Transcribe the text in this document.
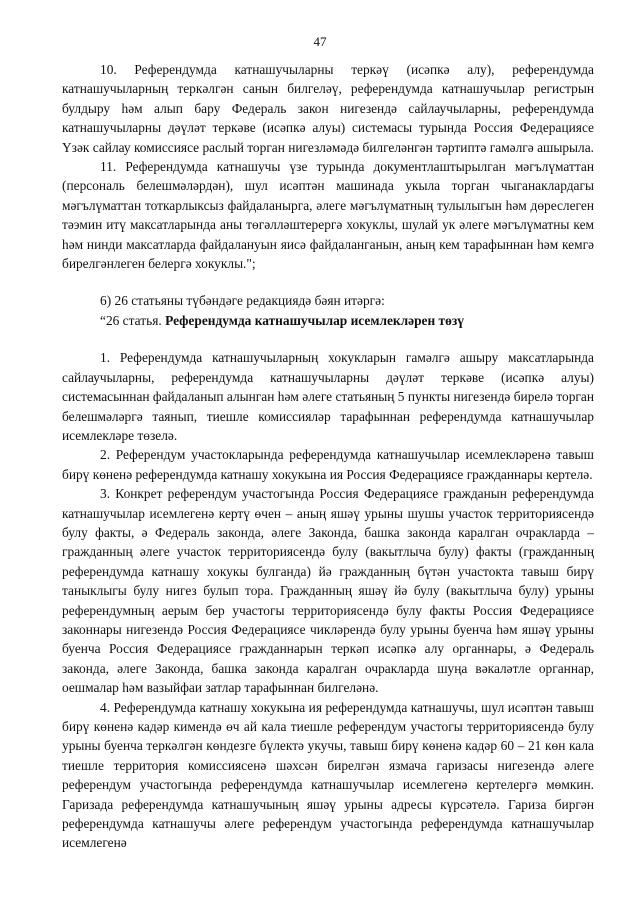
47

10. Референдумда катнашучыларны теркәү (исәпкә алу), референдумда катнашучыларның теркәлгән санын билгеләү, референдумда катнашучылар регистрын булдыру һәм алып бару Федераль закон нигезендә сайлаучыларны, референдумда катнашучыларны дәүләт теркәве (исәпкә алуы) системасы турында Россия Федерациясе Үзәк сайлау комиссиясе раслый торган нигезләмәдә билгеләнгән тәртиптә гамәлгә ашырыла.

11. Референдумда катнашучы үзе турында документлаштырылган мәгълүматтан (персональ белешмәләрдән), шул исәптән машинада укыла торган чыганаклардагы мәгълүматтан тоткарлыксыз файдаланырга, әлеге мәгълүматның тулылыгын һәм дөреслеген тәэмин итү максатларында аны төгәлләштерергә хокуклы, шулай ук әлеге мәгълүматны кем һәм нинди максатларда файдалануын яисә файдаланганын, аның кем тарафыннан һәм кемгә бирелгәнлеген белергә хокуклы.";

6) 26 статьяны түбәндәге редакциядә бәян итәргә:

“26 статья. Референдумда катнашучылар исемлекләрен төзү

1. Референдумда катнашучыларның хокукларын гамәлгә ашыру максатларында сайлаучыларны, референдумда катнашучыларны дәүләт теркәве (исәпкә алуы) системасыннан файдаланып алынган һәм әлеге статьяның 5 пункты нигезендә бирелә торган белешмәләргә таянып, тиешле комиссияләр тарафыннан референдумда катнашучылар исемлекләре төзелә.

2. Референдум участокларында референдумда катнашучылар исемлекләренә тавыш бирү көненә референдумда катнашу хокукына ия Россия Федерациясе гражданнары кертелә.

3. Конкрет референдум участогында Россия Федерациясе гражданын референдумда катнашучылар исемлегенә кертү өчен – аның яшәү урыны шушы участок территориясендә булу факты, ә Федераль законда, әлеге Законда, башка законда каралган очракларда – гражданның әлеге участок территориясендә булу (вакытлыча булу) факты (гражданның референдумда катнашу хокукы булганда) йә гражданның бүтән участокта тавыш бирү таныклыгы булу нигез булып тора. Гражданның яшәү йә булу (вакытлыча булу) урыны референдумның аерым бер участогы территориясендә булу факты Россия Федерациясе законнары нигезендә Россия Федерациясе чикләрендә булу урыны буенча һәм яшәү урыны буенча Россия Федерациясе гражданнарын теркәп исәпкә алу органнары, ә Федераль законда, әлеге Законда, башка законда каралган очракларда шуңа вәкаләтле органнар, оешмалар һәм вазыйфаи затлар тарафыннан билгеләнә.

4. Референдумда катнашу хокукына ия референдумда катнашучы, шул исәптән тавыш бирү көненә кадәр кимендә өч ай кала тиешле референдум участогы территориясендә булу урыны буенча теркәлгән көндезге бүлектә укучы, тавыш бирү көненә кадәр 60 – 21 көн кала тиешле территория комиссиясенә шәхсән бирелгән язмача гаризасы нигезендә әлеге референдум участогында референдумда катнашучылар исемлегенә кертелергә мөмкин. Гаризада референдумда катнашучының яшәү урыны адресы күрсәтелә. Гариза биргән референдумда катнашучы әлеге референдум участогында референдумда катнашучылар исемлегенә
